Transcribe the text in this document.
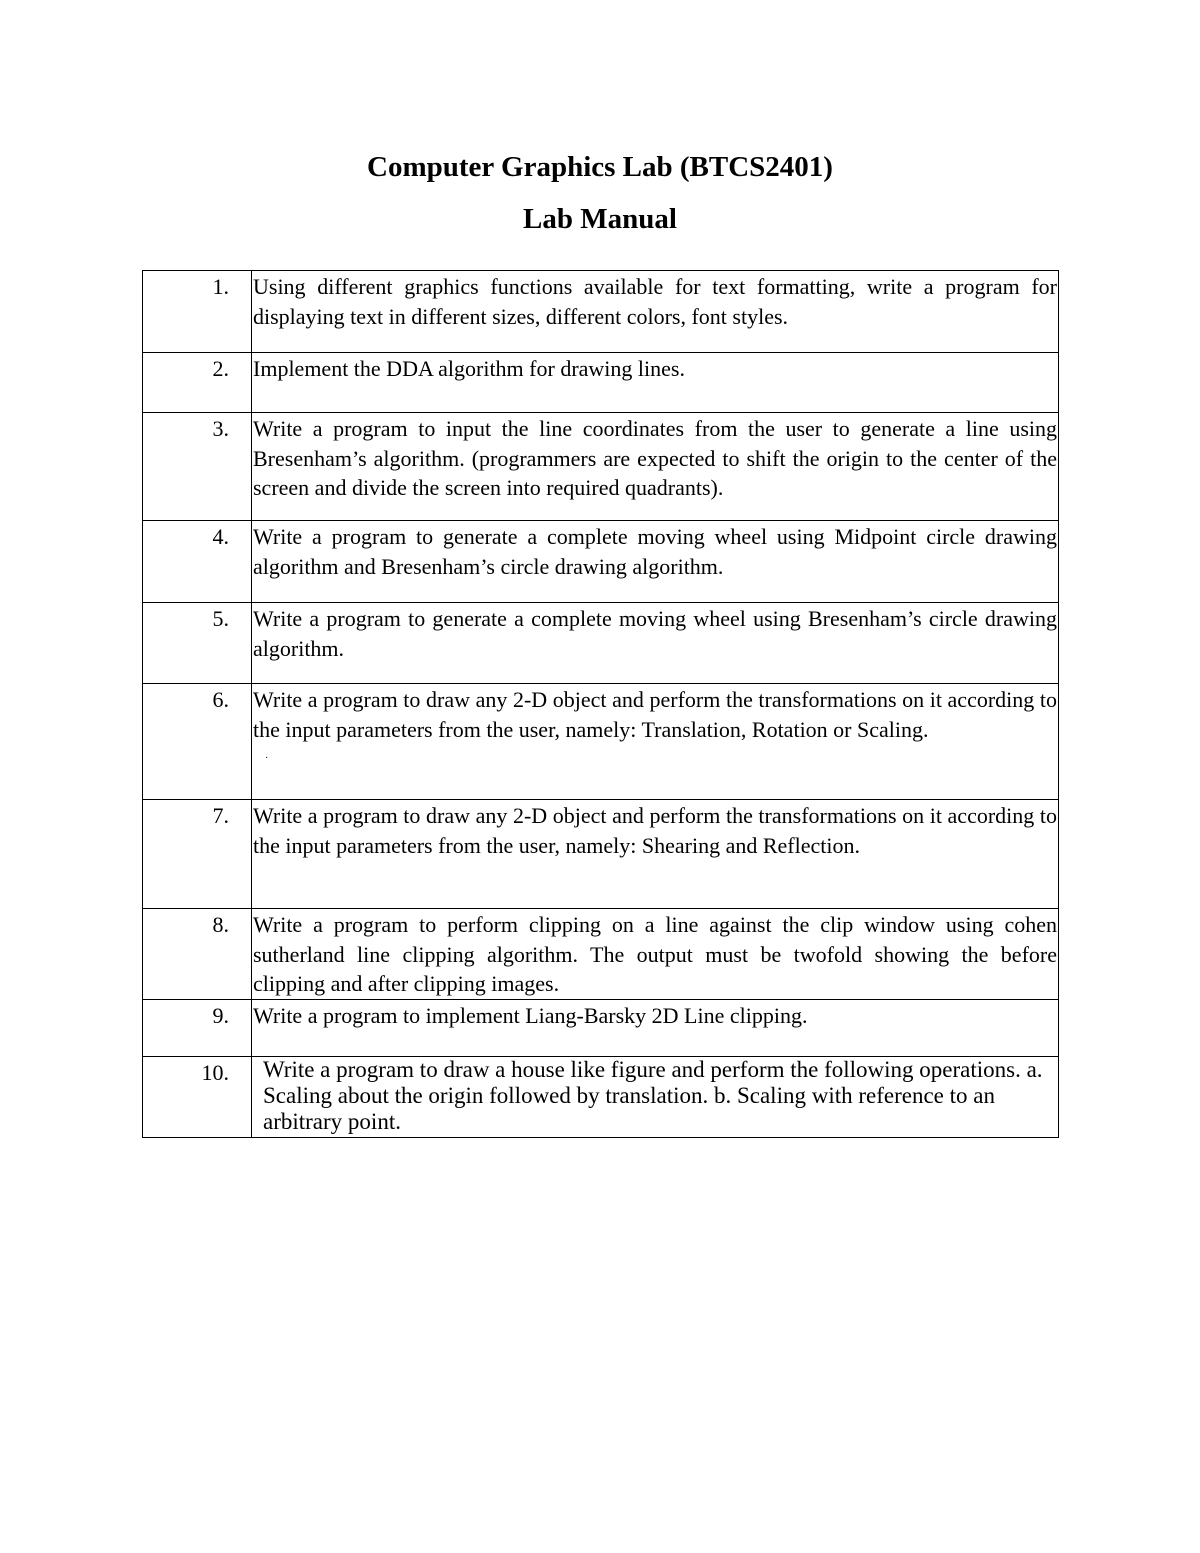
Computer Graphics Lab (BTCS2401)
Lab Manual
1.	Using different graphics functions available for text formatting, write a program for displaying text in different sizes, different colors, font styles.
2.	Implement the DDA algorithm for drawing lines.
3.	Write a program to input the line coordinates from the user to generate a line using Bresenham’s algorithm. (programmers are expected to shift the origin to the center of the screen and divide the screen into required quadrants).
4.	Write a program to generate a complete moving wheel using Midpoint circle drawing algorithm and Bresenham’s circle drawing algorithm.
5.	Write a program to generate a complete moving wheel using Bresenham’s circle drawing algorithm.
6.	Write a program to draw any 2-D object and perform the transformations on it according to the input parameters from the user, namely: Translation, Rotation or Scaling.
·

7.	Write a program to draw any 2-D object and perform the transformations on it according to the input parameters from the user, namely: Shearing and Reflection.
8.	Write a program to perform clipping on a line against the clip window using cohen sutherland line clipping algorithm. The output must be twofold showing the before clipping and after clipping images.
9.	Write a program to implement Liang-Barsky 2D Line clipping.
10.	Write a program to draw a house like figure and perform the following operations. a. Scaling about the origin followed by translation. b. Scaling with reference to an arbitrary point.
